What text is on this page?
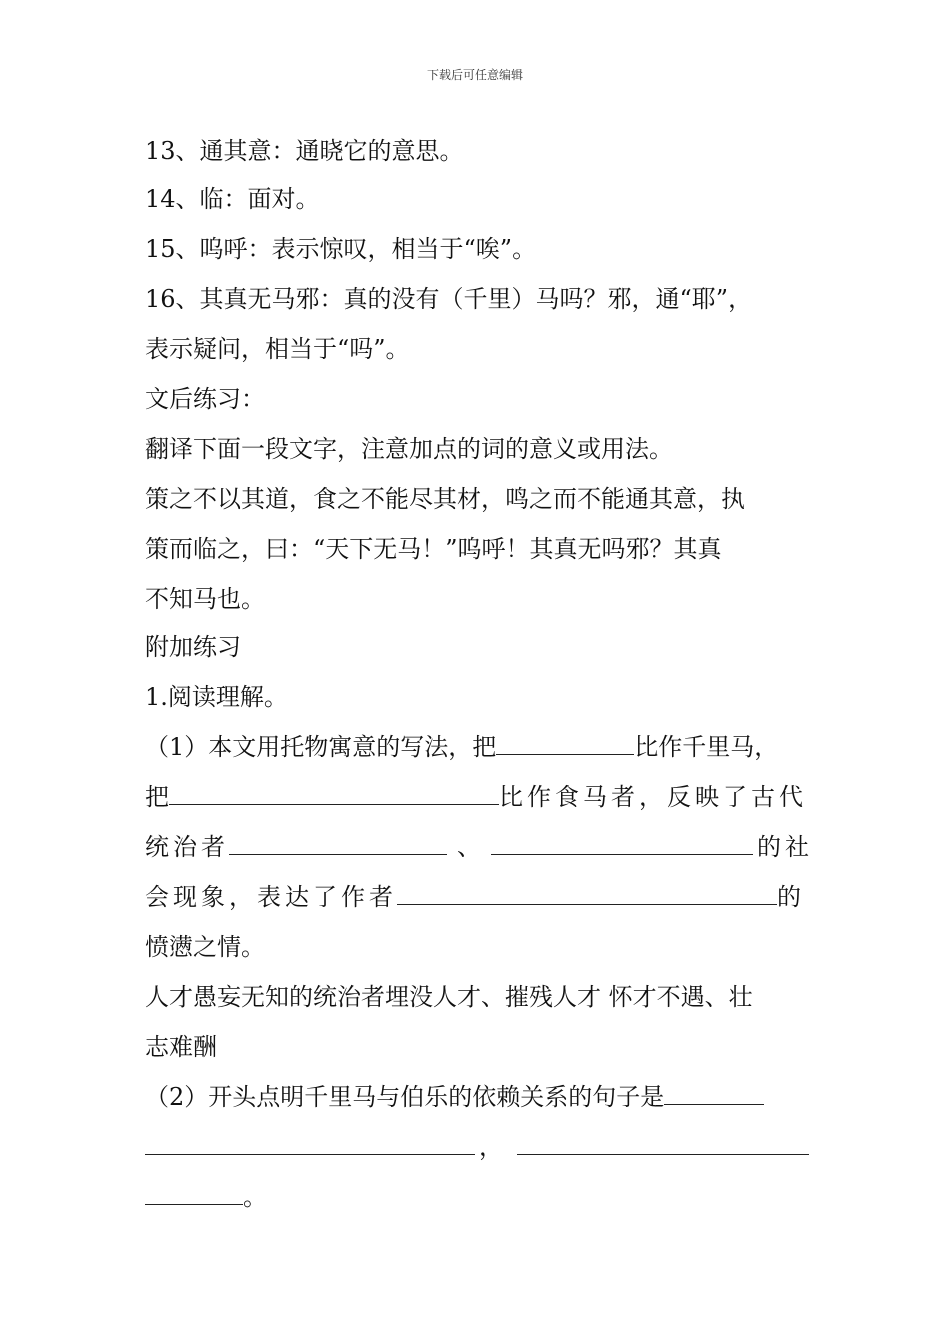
下载后可任意编辑
13、通其意：通晓它的意思。
14、临：面对。
15、呜呼：表示惊叹，相当于“唉”。
16、其真无马邪：真的没有（千里）马吗？邪，通“耶”，
表示疑问，相当于“吗”。
文后练习：
翻译下面一段文字，注意加点的词的意义或用法。
策之不以其道，食之不能尽其材，鸣之而不能通其意，执
策而临之，曰：“天下无马！”呜呼！其真无吗邪？其真
不知马也。
附加练习
1.阅读理解。
（1）本文用托物寓意的写法，把	比作千里马，
把	比作食马者，反映了古代
统治者	、	的社
会现象，表达了作者	的
愤懑之情。
人才愚妄无知的统治者埋没人才、摧残人才 怀才不遇、壮
志难酬
（2）开头点明千里马与伯乐的依赖关系的句子是
，
。
